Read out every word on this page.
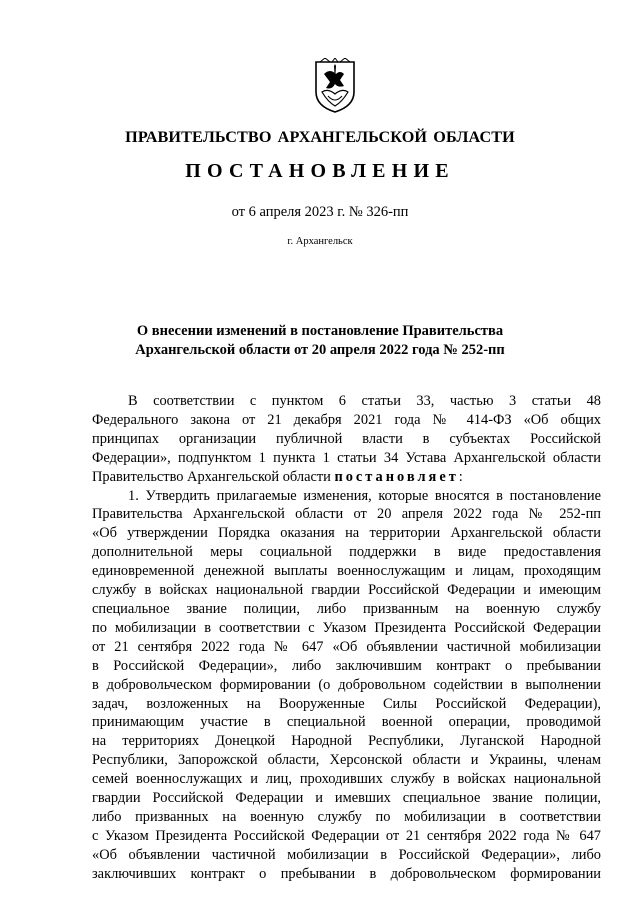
ПРАВИТЕЛЬСТВО АРХАНГЕЛЬСКОЙ ОБЛАСТИ
ПОСТАНОВЛЕНИЕ
от 6 апреля 2023 г. № 326-пп
г. Архангельск
О внесении изменений в постановление Правительства
Архангельской области от 20 апреля 2022 года № 252-пп

В соответствии с пунктом 6 статьи 33, частью 3 статьи 48
Федерального закона от 21 декабря 2021 года № 414-ФЗ «Об общих
принципах организации публичной власти в субъектах Российской
Федерации», подпунктом 1 пункта 1 статьи 34 Устава Архангельской области
Правительство Архангельской области постановляет:

1. Утвердить прилагаемые изменения, которые вносятся в постановление
Правительства Архангельской области от 20 апреля 2022 года № 252-пп
«Об утверждении Порядка оказания на территории Архангельской области
дополнительной меры социальной поддержки в виде предоставления
единовременной денежной выплаты военнослужащим и лицам, проходящим
службу в войсках национальной гвардии Российской Федерации и имеющим
специальное звание полиции, либо призванным на военную службу
по мобилизации в соответствии с Указом Президента Российской Федерации
от 21 сентября 2022 года № 647 «Об объявлении частичной мобилизации
в Российской Федерации», либо заключившим контракт о пребывании
в добровольческом формировании (о добровольном содействии в выполнении
задач, возложенных на Вооруженные Силы Российской Федерации),
принимающим участие в специальной военной операции, проводимой
на территориях Донецкой Народной Республики, Луганской Народной
Республики, Запорожской области, Херсонской области и Украины, членам
семей военнослужащих и лиц, проходивших службу в войсках национальной
гвардии Российской Федерации и имевших специальное звание полиции,
либо призванных на военную службу по мобилизации в соответствии
с Указом Президента Российской Федерации от 21 сентября 2022 года № 647
«Об объявлении частичной мобилизации в Российской Федерации», либо
заключивших контракт о пребывании в добровольческом формировании
